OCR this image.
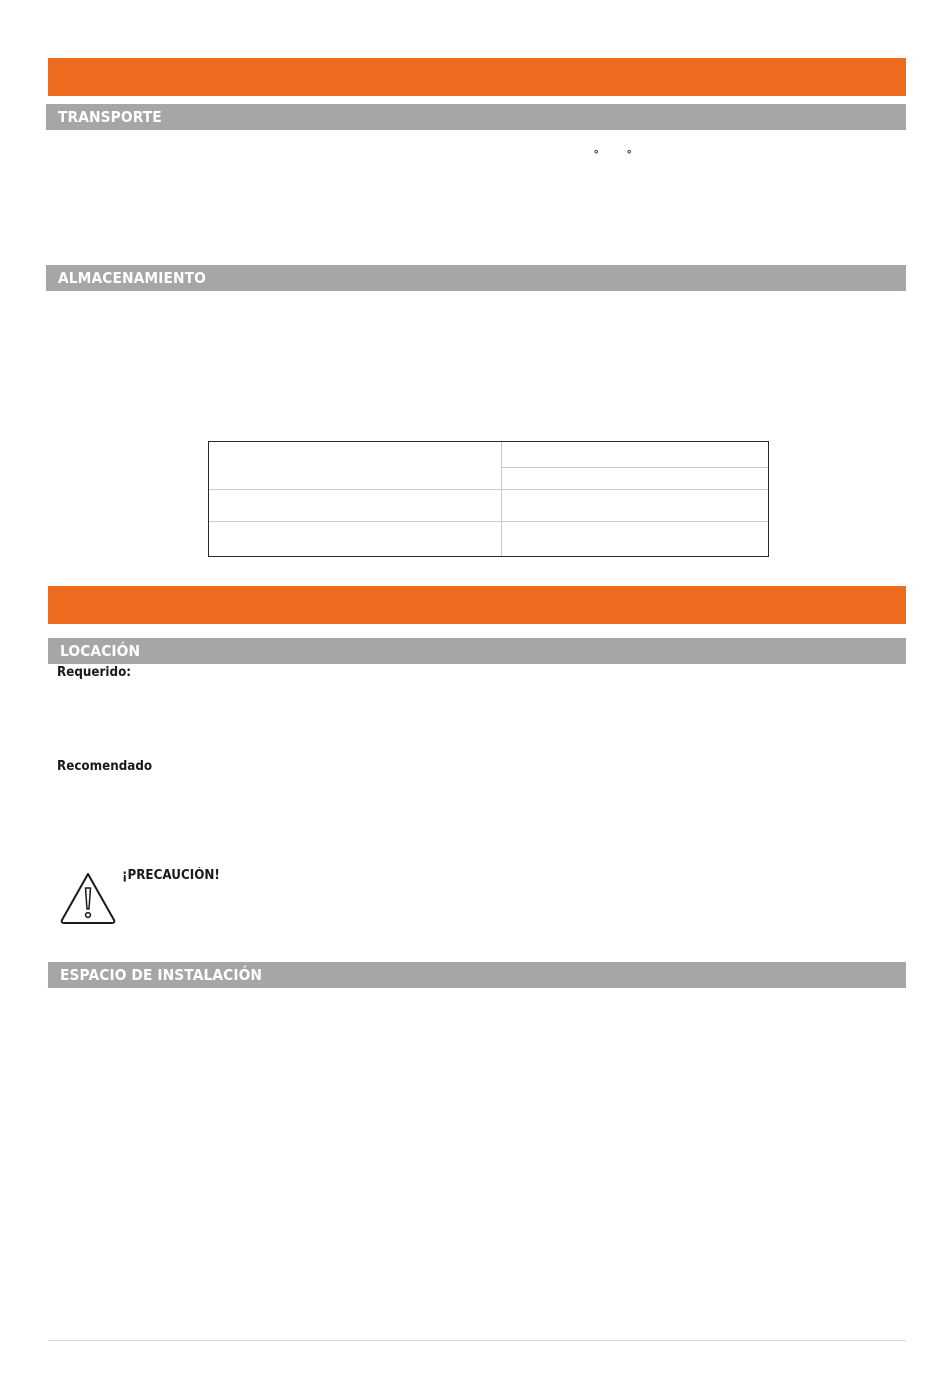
TRANSPORTE
°	°
ALMACENAMIENTO
LOCACIÓN
Requerido:
Recomendado
¡PRECAUCIÓN!
ESPACIO DE INSTALACIÓN
